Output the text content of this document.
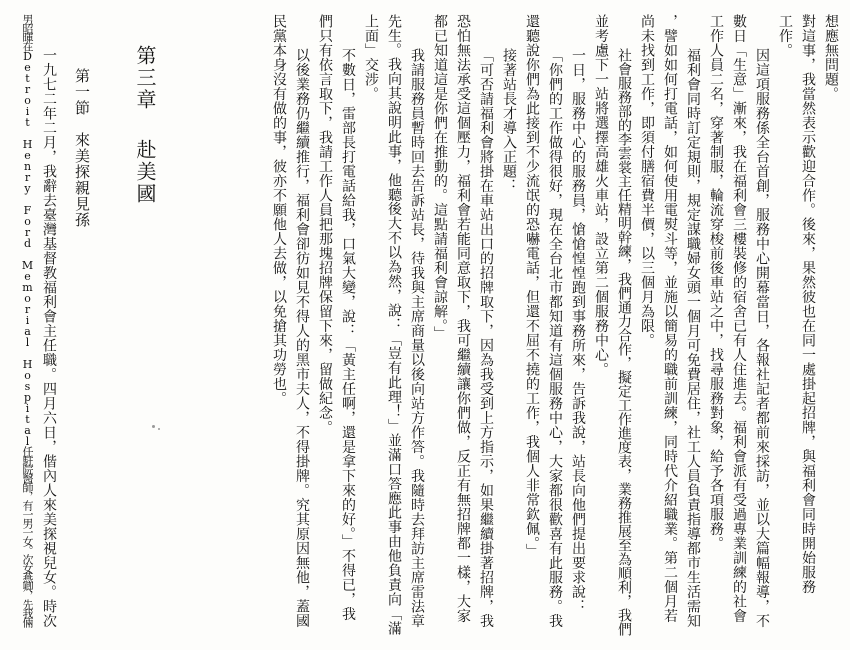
想應無問題。
對這事，我當然表示歡迎合作。後來，果然彼也在同一處掛起招牌，與福利會同時開始服務
工作。
因這項服務係全台首創，服務中心開幕當日，各報社記者都前來採訪，並以大篇幅報導，不
數日「生意」漸來，我在福利會三樓裝修的宿舍已有人住進去。福利會派有受過專業訓練的社會
工作人員二名，穿著制服，輪流穿梭前後車站之中，找尋服務對象，給予各項服務。
福利會同時訂定規則，規定謀職婦女頭一個月可免費居住，社工人員負責指導都市生活需知
，譬如如何打電話，如何使用電熨斗等，並施以簡易的職前訓練，同時代介紹職業。第二個月若
尚未找到工作，即須付膳宿費半價，以三個月為限。
社會服務部的李雲裳主任精明幹練，我們通力合作，擬定工作進度表，業務推展至為順利，我們
並考慮下一站將選擇高雄火車站，設立第二個服務中心。
一日，服務中心的服務員，愴愴惶惶跑到事務所來，告訴我說，站長向他們提出要求說：
「你們的工作做得很好，現在全台北市都知道有這個服務中心，大家都很歡喜有此服務。我
還聽說你們為此接到不少流氓的恐嚇電話，但還不屈不撓的工作，我個人非常欽佩。」
接著站長才導入正題：
「可否請福利會將掛在車站出口的招牌取下，因為我受到上方指示，如果繼續掛著招牌，我
恐怕無法承受這個壓力，福利會若能同意取下，我可繼續讓你們做，反正有無招牌都一樣，大家
都已知道這是你們在推動的。這點請福利會諒解。」
我請服務員暫時回去告訴站長，待我與主席商量以後向站方作答。我隨時去拜訪主席雷法章
先生。我向其說明此事，他聽後大不以為然，說：「豈有此理！」並滿口答應此事由他負責向「滿
上面」交涉。
不數日，雷部長打電話給我，口氣大變，說：「黃主任啊，還是拿下來的好。」不得已，我
們只有依言取下，我請工作人員把那塊招牌保留下來，留做紀念。
以後業務仍繼續推行，福利會卻彷如見不得人的黑市夫人，不得掛牌。究其原因無他，蓋國
民黨本身沒有做的事，彼亦不願他人去做，以免搶其功勞也。
一九七二年二月，我辭去臺灣基督教福利會主任職。四月六日，偕內人來美探視兒女。時次
男昭暉在Detroit Henry Ford Memorial Hospital任駐院醫師，有一男一女。次女燕卿，先我倆	第三章赴美國
第一節　來美探親見孫
